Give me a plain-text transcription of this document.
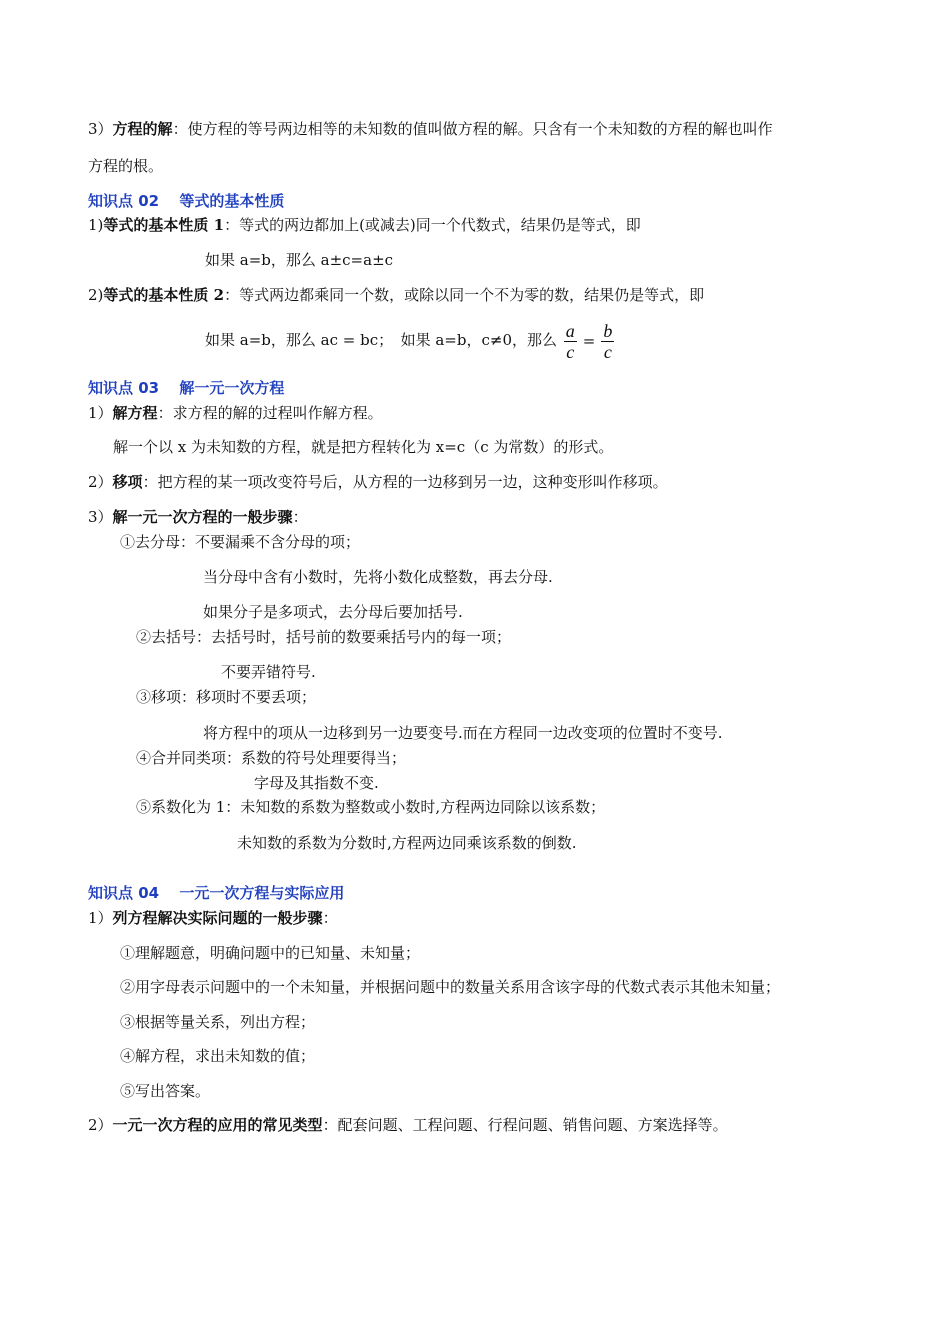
3）方程的解：使方程的等号两边相等的未知数的值叫做方程的解。只含有一个未知数的方程的解也叫作
方程的根。
知识点 02　 等式的基本性质
1)等式的基本性质 1：等式的两边都加上(或减去)同一个代数式，结果仍是等式，即
如果 a=b，那么 a±c=a±c
2)等式的基本性质 2：等式两边都乘同一个数，或除以同一个不为零的数，结果仍是等式，即
如果 a=b，那么 ac = bc；　如果 a=b，c≠0，那么 $\frac{a}{c} = \frac{b}{c}$
知识点 03　 解一元一次方程
1）解方程：求方程的解的过程叫作解方程。
解一个以 x 为未知数的方程，就是把方程转化为 x=c（c 为常数）的形式。
2）移项：把方程的某一项改变符号后，从方程的一边移到另一边，这种变形叫作移项。
3）解一元一次方程的一般步骤：
①去分母：不要漏乘不含分母的项；
当分母中含有小数时，先将小数化成整数，再去分母.
如果分子是多项式，去分母后要加括号.
②去括号：去括号时，括号前的数要乘括号内的每一项；
不要弄错符号.
③移项：移项时不要丢项；
将方程中的项从一边移到另一边要变号.而在方程同一边改变项的位置时不变号.
④合并同类项：系数的符号处理要得当；
字母及其指数不变.
⑤系数化为 1：未知数的系数为整数或小数时,方程两边同除以该系数；
未知数的系数为分数时,方程两边同乘该系数的倒数.
知识点 04　 一元一次方程与实际应用
1）列方程解决实际问题的一般步骤：
①理解题意，明确问题中的已知量、未知量；
②用字母表示问题中的一个未知量，并根据问题中的数量关系用含该字母的代数式表示其他未知量；
③根据等量关系，列出方程；
④解方程，求出未知数的值；
⑤写出答案。
2）一元一次方程的应用的常见类型：配套问题、工程问题、行程问题、销售问题、方案选择等。
